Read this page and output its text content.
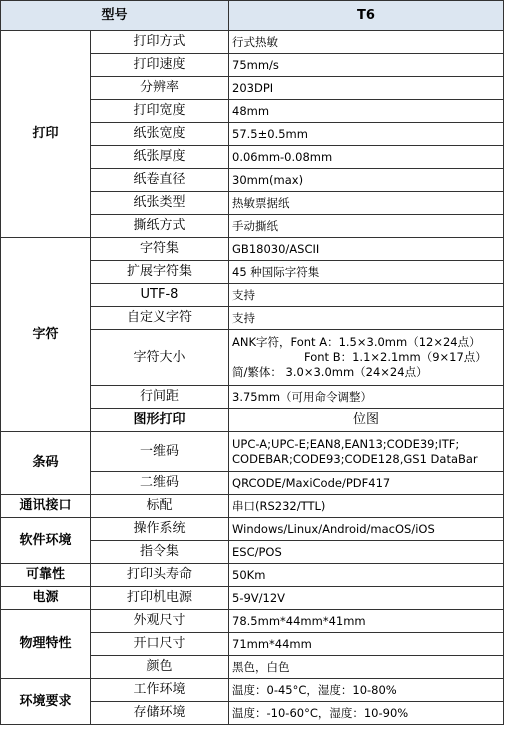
型号		T6	
打印	打印方式	行式热敏	
	打印速度	75mm/s	
	分辨率	203DPI	
	打印宽度	48mm	
	纸张宽度	57.5±0.5mm	
	纸张厚度	0.06mm-0.08mm	
	纸卷直径	30mm(max)	
	纸张类型	热敏票据纸	
	撕纸方式	手动撕纸	
字符	字符集	GB18030/ASCII	
	扩展字符集	45 种国际字符集	
	UTF-8	支持	
	自定义字符	支持	
	字符大小	ANK字符，Font A：1.5×3.0mm（12×24点）
Font B：1.1×2.1mm（9×17点）
简/繁体： 3.0×3.0mm（24×24点）	

	行间距	3.75mm（可用命令调整）	
	图形打印	位图	
条码	一维码	UPC-A;UPC-E;EAN8,EAN13;CODE39;ITF;
CODEBAR;CODE93;CODE128,GS1 DataBar	

	二维码	QRCODE/MaxiCode/PDF417	
通讯接口	标配	串口(RS232/TTL)	
软件环境	操作系统	Windows/Linux/Android/macOS/iOS	
	指令集	ESC/POS	
可靠性	打印头寿命	50Km	
电源	打印机电源	5-9V/12V	
物理特性	外观尺寸	78.5mm*44mm*41mm	
	开口尺寸	71mm*44mm	
	颜色	黑色，白色	
环境要求	工作环境	温度：0-45°C，湿度：10-80%	
	存储环境	温度：-10-60°C，湿度：10-90%	
